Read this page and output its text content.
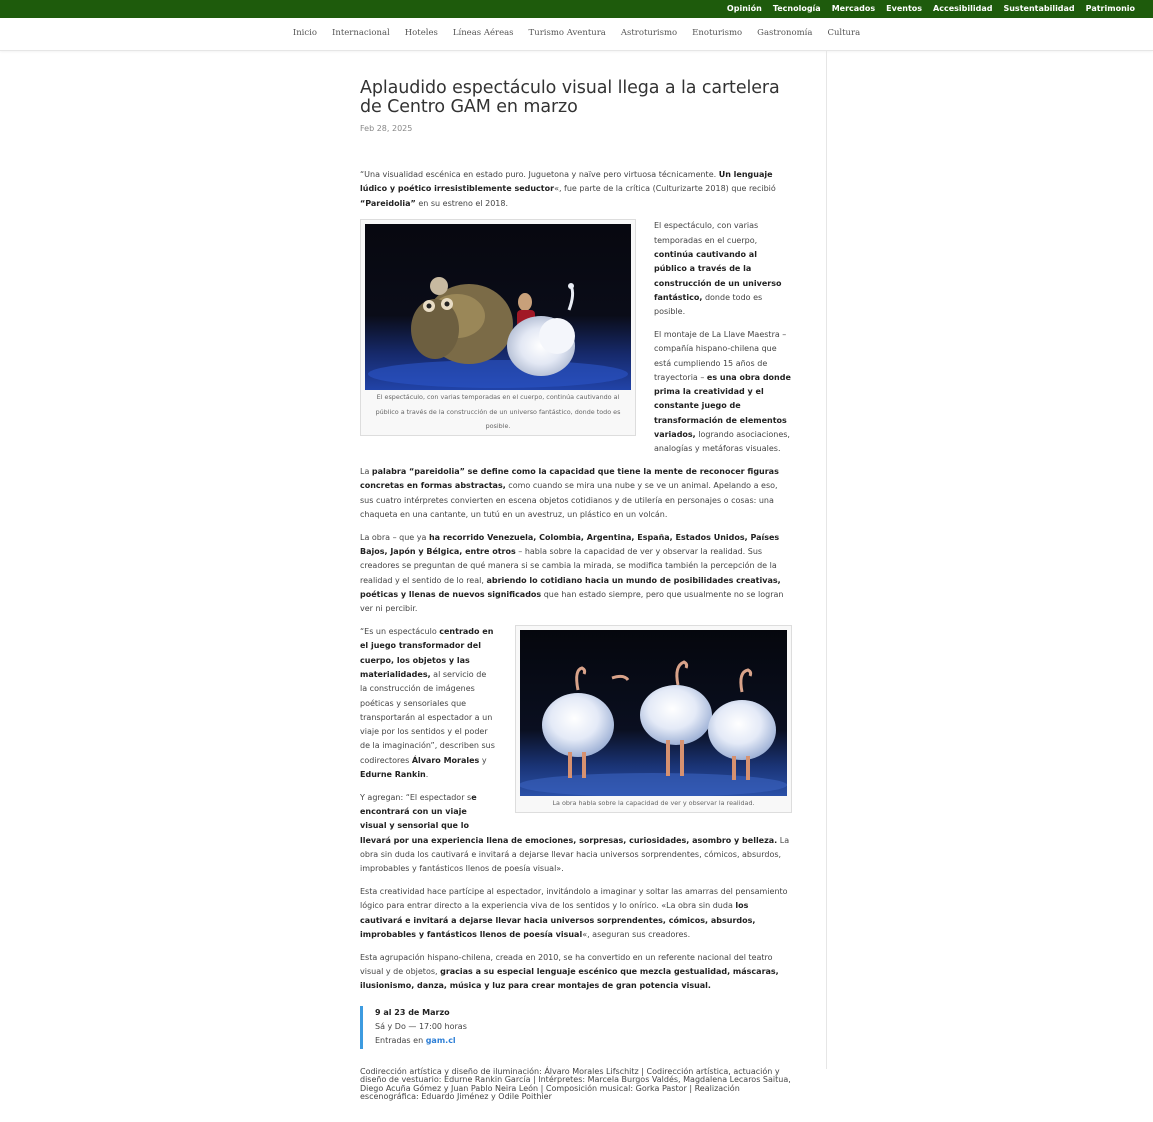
Opinión Tecnología Mercados Eventos Accesibilidad Sustentabilidad Patrimonio
Inicio Internacional Hoteles Líneas Aéreas Turismo Aventura Astroturismo Enoturismo Gastronomía Cultura
Aplaudido espectáculo visual llega a la cartelera de Centro GAM en marzo
Feb 28, 2025

“Una visualidad escénica en estado puro. Juguetona y naïve pero virtuosa técnicamente. Un lenguaje lúdico y poético irresistiblemente seductor«, fue parte de la crítica (Culturizarte 2018) que recibió “Pareidolia” en su estreno el 2018.

El espectáculo, con varias temporadas en el cuerpo, continúa cautivando al público a través de la construcción de un universo fantástico, donde todo es posible.

El espectáculo, con varias temporadas en el cuerpo, continúa cautivando al público a través de la construcción de un universo fantástico, donde todo es posible.

El montaje de La Llave Maestra – compañía hispano-chilena que está cumpliendo 15 años de trayectoria – es una obra donde prima la creatividad y el constante juego de transformación de elementos variados, logrando asociaciones, analogías y metáforas visuales.

La palabra “pareidolia” se define como la capacidad que tiene la mente de reconocer figuras concretas en formas abstractas, como cuando se mira una nube y se ve un animal. Apelando a eso, sus cuatro intérpretes convierten en escena objetos cotidianos y de utilería en personajes o cosas: una chaqueta en una cantante, un tutú en un avestruz, un plástico en un volcán.

La obra – que ya ha recorrido Venezuela, Colombia, Argentina, España, Estados Unidos, Países Bajos, Japón y Bélgica, entre otros – habla sobre la capacidad de ver y observar la realidad. Sus creadores se preguntan de qué manera si se cambia la mirada, se modifica también la percepción de la realidad y el sentido de lo real, abriendo lo cotidiano hacia un mundo de posibilidades creativas, poéticas y llenas de nuevos significados que han estado siempre, pero que usualmente no se logran ver ni percibir.

La obra habla sobre la capacidad de ver y observar la realidad.

“Es un espectáculo centrado en el juego transformador del cuerpo, los objetos y las materialidades, al servicio de la construcción de imágenes poéticas y sensoriales que transportarán al espectador a un viaje por los sentidos y el poder de la imaginación”, describen sus codirectores Álvaro Morales y Edurne Rankin.

Y agregan: “El espectador se encontrará con un viaje visual y sensorial que lo llevará por una experiencia llena de emociones, sorpresas, curiosidades, asombro y belleza. La obra sin duda los cautivará e invitará a dejarse llevar hacia universos sorprendentes, cómicos, absurdos, improbables y fantásticos llenos de poesía visual».

Esta creatividad hace partícipe al espectador, invitándolo a imaginar y soltar las amarras del pensamiento lógico para entrar directo a la experiencia viva de los sentidos y lo onírico. «La obra sin duda los cautivará e invitará a dejarse llevar hacia universos sorprendentes, cómicos, absurdos, improbables y fantásticos llenos de poesía visual«, aseguran sus creadores.

Esta agrupación hispano-chilena, creada en 2010, se ha convertido en un referente nacional del teatro visual y de objetos, gracias a su especial lenguaje escénico que mezcla gestualidad, máscaras, ilusionismo, danza, música y luz para crear montajes de gran potencia visual.

9 al 23 de Marzo
Sá y Do — 17:00 horas
Entradas en gam.cl
Codirección artística y diseño de iluminación: Álvaro Morales Lifschitz | Codirección artística, actuación y diseño de vestuario: Edurne Rankin García | Intérpretes: Marcela Burgos Valdés, Magdalena Lecaros Saitua, Diego Acuña Gómez y Juan Pablo Neira León | Composición musical: Gorka Pastor | Realización escenográfica: Eduardo Jiménez y Odile Poithier
